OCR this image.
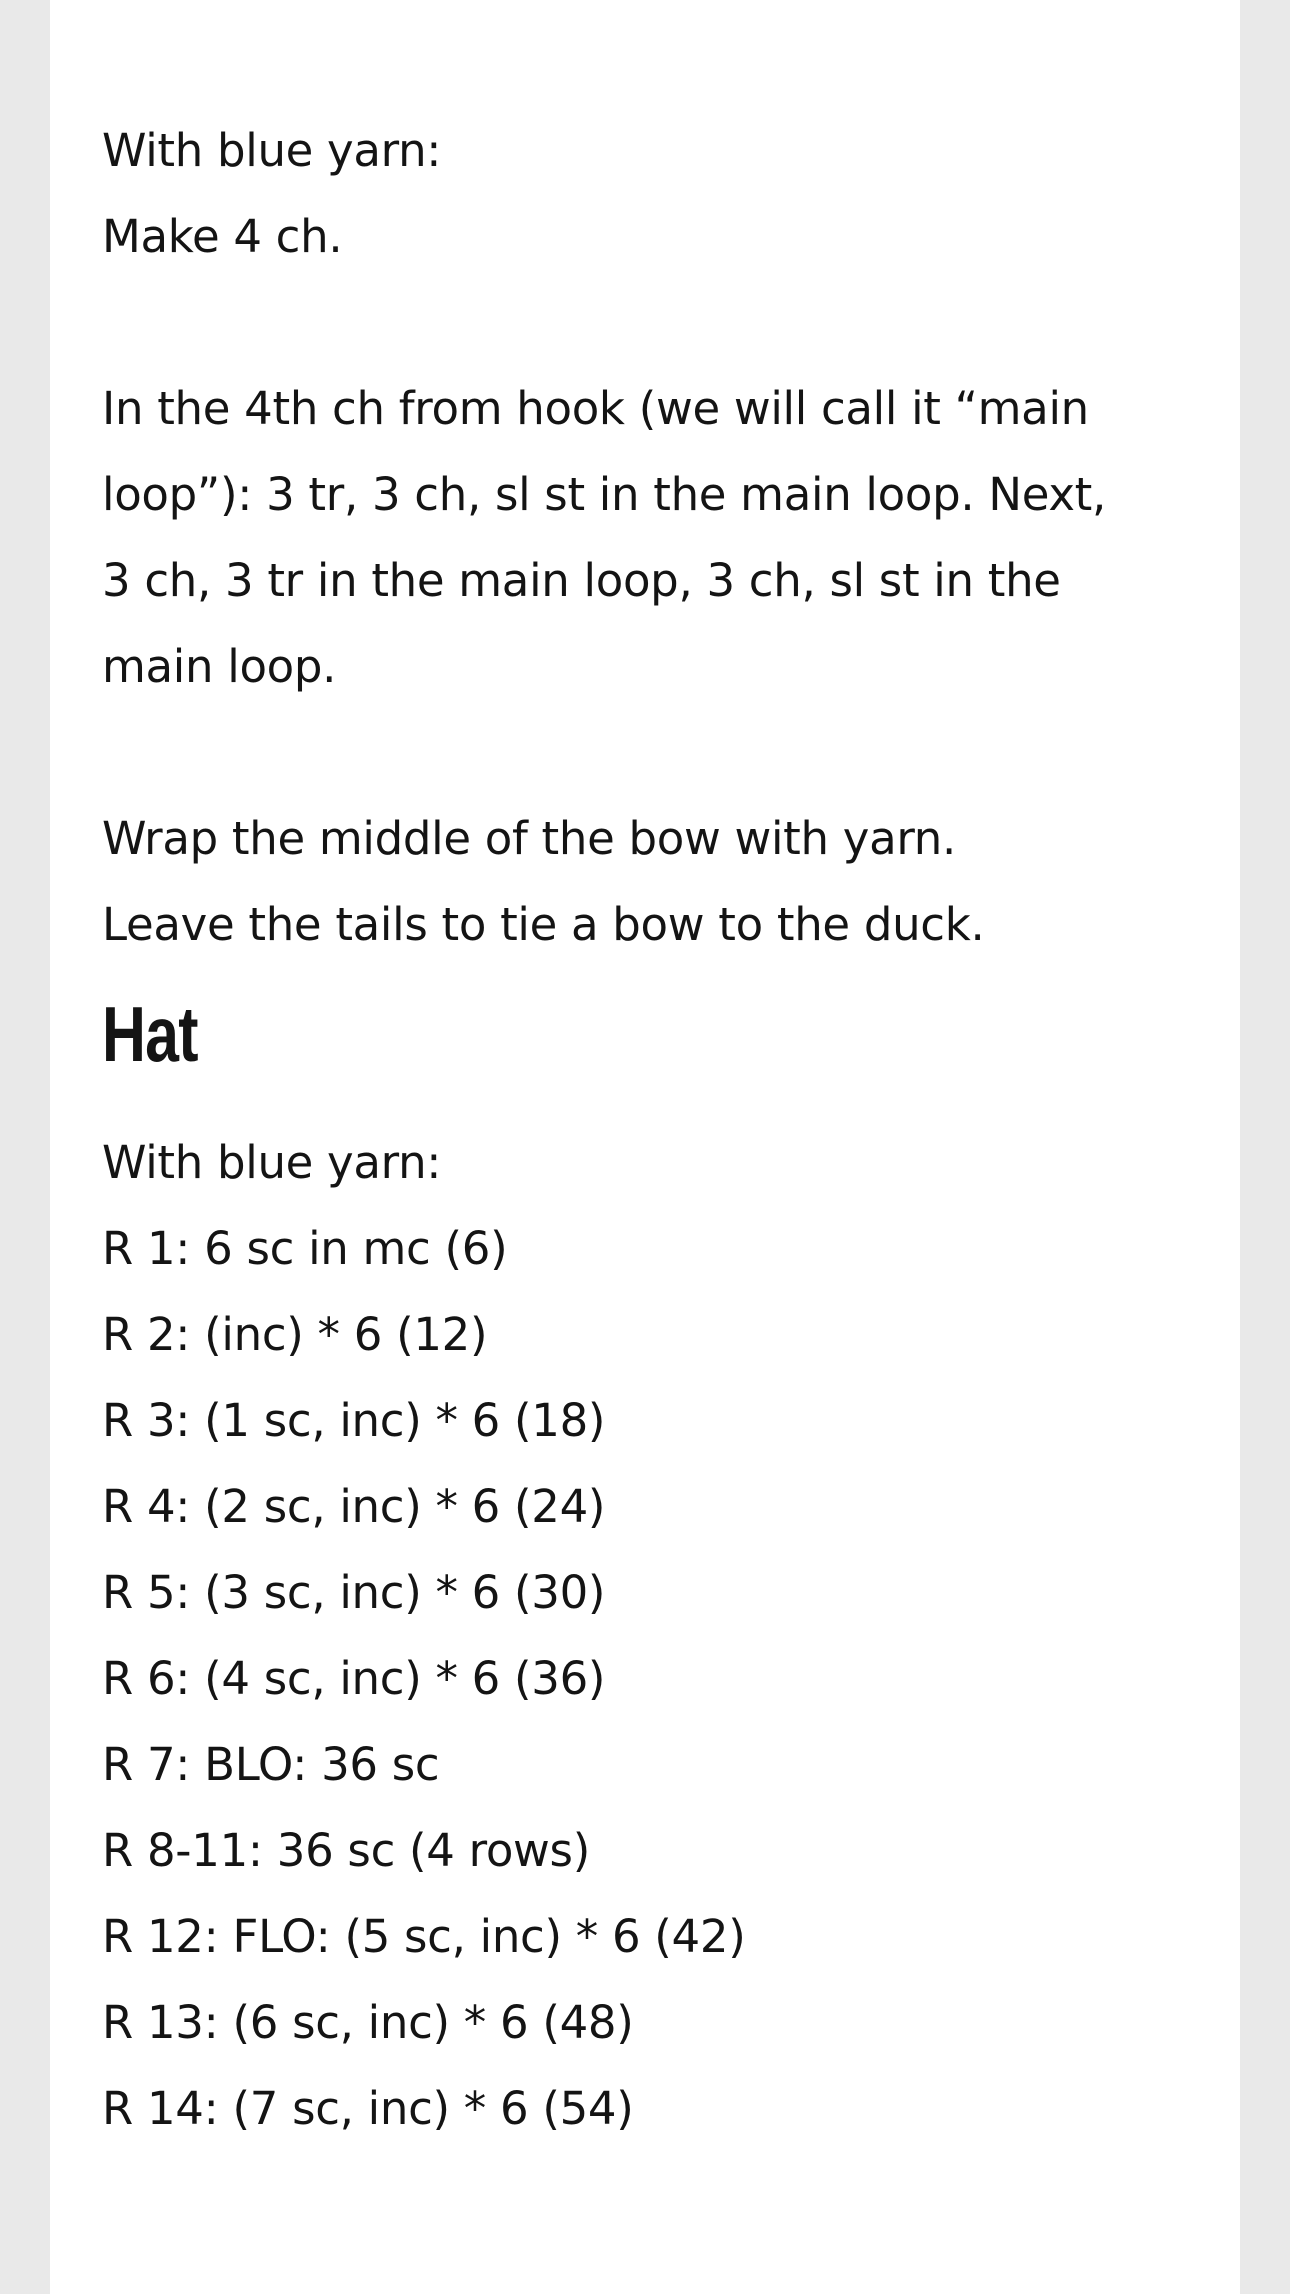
With blue yarn:

Make 4 ch.

In the 4th ch from hook (we will call it “main

loop”): 3 tr, 3 ch, sl st in the main loop. Next,

3 ch, 3 tr in the main loop, 3 ch, sl st in the

main loop.

Wrap the middle of the bow with yarn.

Leave the tails to tie a bow to the duck.

Hat

With blue yarn:

R 1: 6 sc in mc (6)

R 2: (inc) * 6 (12)

R 3: (1 sc, inc) * 6 (18)

R 4: (2 sc, inc) * 6 (24)

R 5: (3 sc, inc) * 6 (30)

R 6: (4 sc, inc) * 6 (36)

R 7: BLO: 36 sc

R 8-11: 36 sc (4 rows)

R 12: FLO: (5 sc, inc) * 6 (42)

R 13: (6 sc, inc) * 6 (48)

R 14: (7 sc, inc) * 6 (54)
